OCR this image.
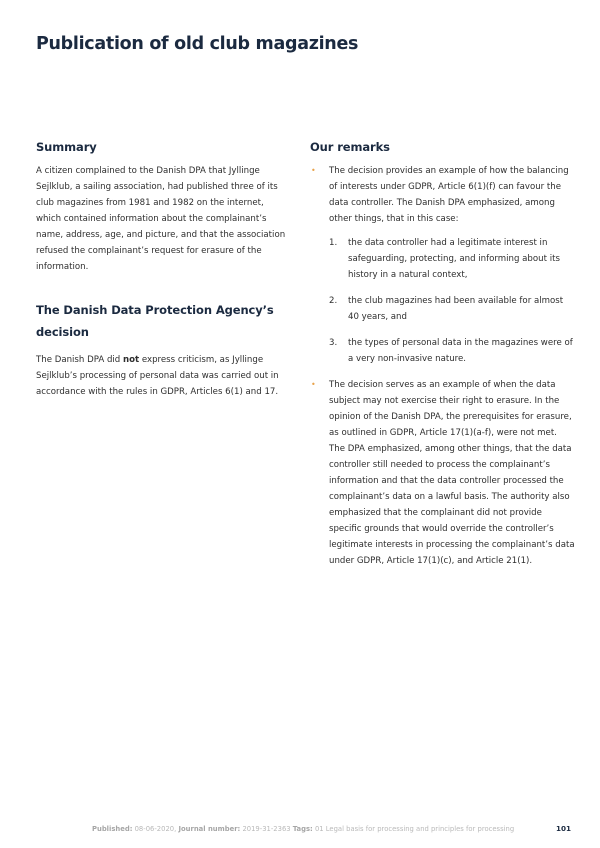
Publication of old club magazines
Summary

A citizen complained to the Danish DPA that Jyllinge Sejlklub, a sailing association, had published three of its club magazines from 1981 and 1982 on the internet, which contained information about the complainant’s name, address, age, and picture, and that the association refused the complainant’s request for erasure of the information.

The Danish Data Protection Agency’s decision

The Danish DPA did not express criticism, as Jyllinge Sejlklub’s processing of personal data was carried out in accordance with the rules in GDPR, Articles 6(1) and 17.

Our remarks
• The decision provides an example of how the balancing of interests under GDPR, Article 6(1)(f) can favour the data controller. The Danish DPA emphasized, among other things, that in this case:
1. the data controller had a legitimate interest in safeguarding, protecting, and informing about its history in a natural context,
2. the club magazines had been available for almost 40 years, and
3. the types of personal data in the magazines were of a very non-invasive nature.
• The decision serves as an example of when the data subject may not exercise their right to erasure. In the opinion of the Danish DPA, the prerequisites for erasure, as outlined in GDPR, Article 17(1)(a-f), were not met. The DPA emphasized, among other things, that the data controller still needed to process the complainant’s information and that the data controller processed the complainant’s data on a lawful basis. The authority also emphasized that the complainant did not provide specific grounds that would override the controller’s legitimate interests in processing the complainant’s data under GDPR, Article 17(1)(c), and Article 21(1).
Published: 08-06-2020, Journal number: 2019-31-2363 Tags: 01 Legal basis for processing and principles for processing	101
